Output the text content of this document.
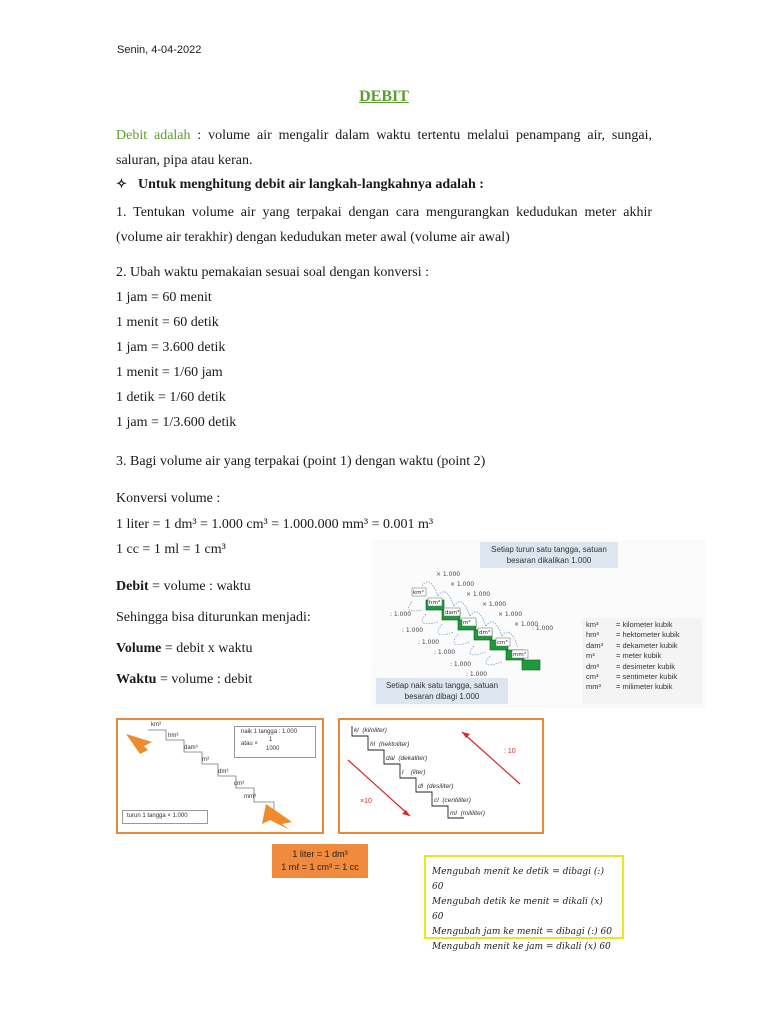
Senin, 4-04-2022
DEBIT
Debit adalah : volume air mengalir dalam waktu tertentu melalui penampang air, sungai, saluran, pipa atau keran.
✧ Untuk menghitung debit air langkah-langkahnya adalah :
1. Tentukan volume air yang terpakai dengan cara mengurangkan kedudukan meter akhir (volume air terakhir) dengan kedudukan meter awal (volume air awal)
2. Ubah waktu pemakaian sesuai soal dengan konversi :
1 jam = 60 menit
1 menit = 60 detik
1 jam = 3.600 detik
1 menit = 1/60 jam
1 detik = 1/60 detik
1 jam = 1/3.600 detik
3. Bagi volume air yang terpakai (point 1) dengan waktu (point 2)
Konversi volume :
1 liter = 1 dm³ = 1.000 cm³ = 1.000.000 mm³ = 0.001 m³
1 cc = 1 ml = 1 cm³
Debit = volume : waktu
Sehingga bisa diturunkan menjadi:
Volume = debit x waktu
Waktu = volume : debit
Setiap turun satu tangga, satuan besaran dikalikan 1.000
km³
hm³
dam³
m³
dm³
cm³
mm³
× 1.000
× 1.000
× 1.000
× 1.000
× 1.000
× 1.000
: 1.000
: 1.000
: 1.000
: 1.000
: 1.000
: 1.000
: 1.000
Setiap naik satu tangga, satuan besaran dibagi 1.000
km³ = kilometer kubik
hm³ = hektometer kubik
dam³ = dekameter kubik
m³	= meter kubik
dm³ = desimeter kubik
cm³ = sentimeter kubik
mm³ = milimeter kubik
km³
hm³
dam³
m³
dm³
cm³
mm³
naik 1 tangga : 1.000
atau ×
1
1000
turun 1 tangga × 1.000
kl (kiloliter)
hl (hektoliter)
dal (dekaliter)
l (liter)
dl (desiliter)
cl (centiliter)
ml (mililiter)
: 10
×10
1 liter = 1 dm³
1 mℓ = 1 cm³ = 1 cc	Mengubah menit ke detik = dibagi (:) 60
Mengubah detik ke menit = dikali (x) 60
Mengubah jam ke menit = dibagi (:) 60
Mengubah menit ke jam = dikali (x) 60
